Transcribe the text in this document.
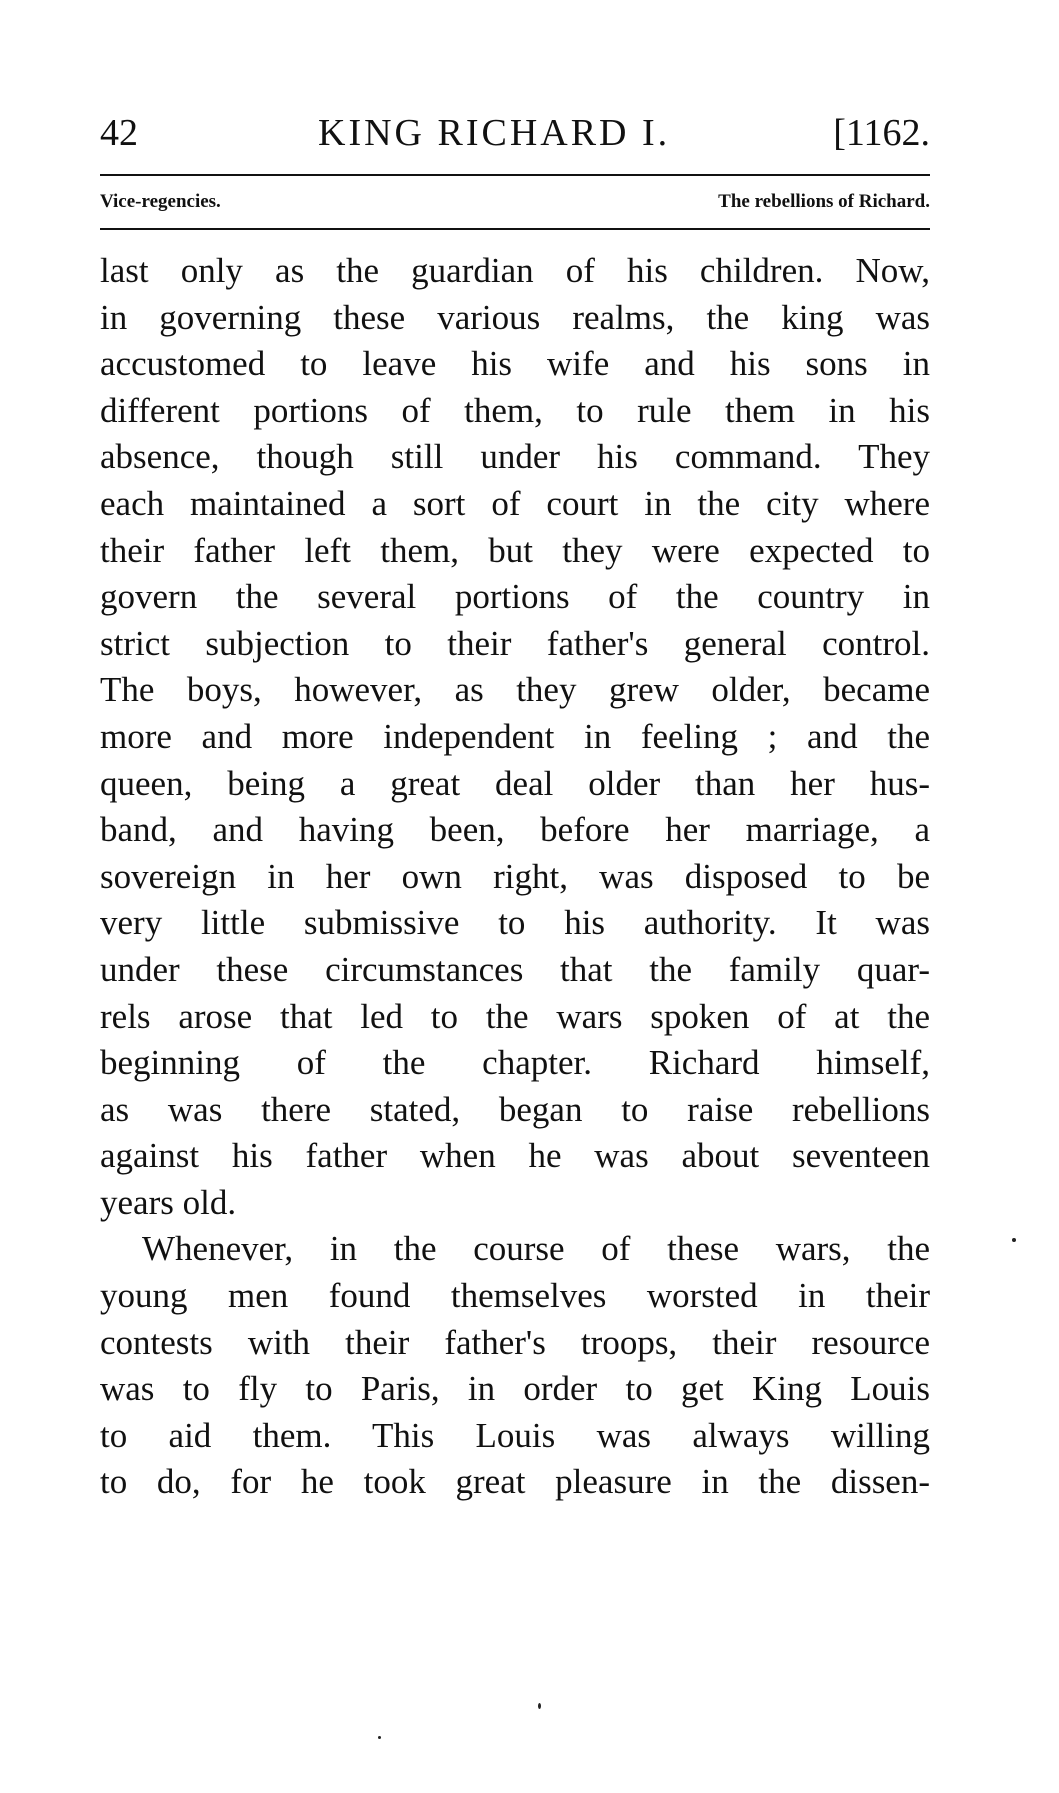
42	KING RICHARD I.	[1162.
Vice-regencies.	The rebellions of Richard.
last only as the guardian of his children. Now,
in governing these various realms, the king was
accustomed to leave his wife and his sons in
different portions of them, to rule them in his
absence, though still under his command. They
each maintained a sort of court in the city where
their father left them, but they were expected to
govern the several portions of the country in
strict subjection to their father's general control.
The boys, however, as they grew older, became
more and more independent in feeling ; and the
queen, being a great deal older than her hus-
band, and having been, before her marriage, a
sovereign in her own right, was disposed to be
very little submissive to his authority. It was
under these circumstances that the family quar-
rels arose that led to the wars spoken of at the
beginning of the chapter. Richard himself,
as was there stated, began to raise rebellions
against his father when he was about seventeen
years old.
Whenever, in the course of these wars, the
young men found themselves worsted in their
contests with their father's troops, their resource
was to fly to Paris, in order to get King Louis
to aid them. This Louis was always willing
to do, for he took great pleasure in the dissen-
